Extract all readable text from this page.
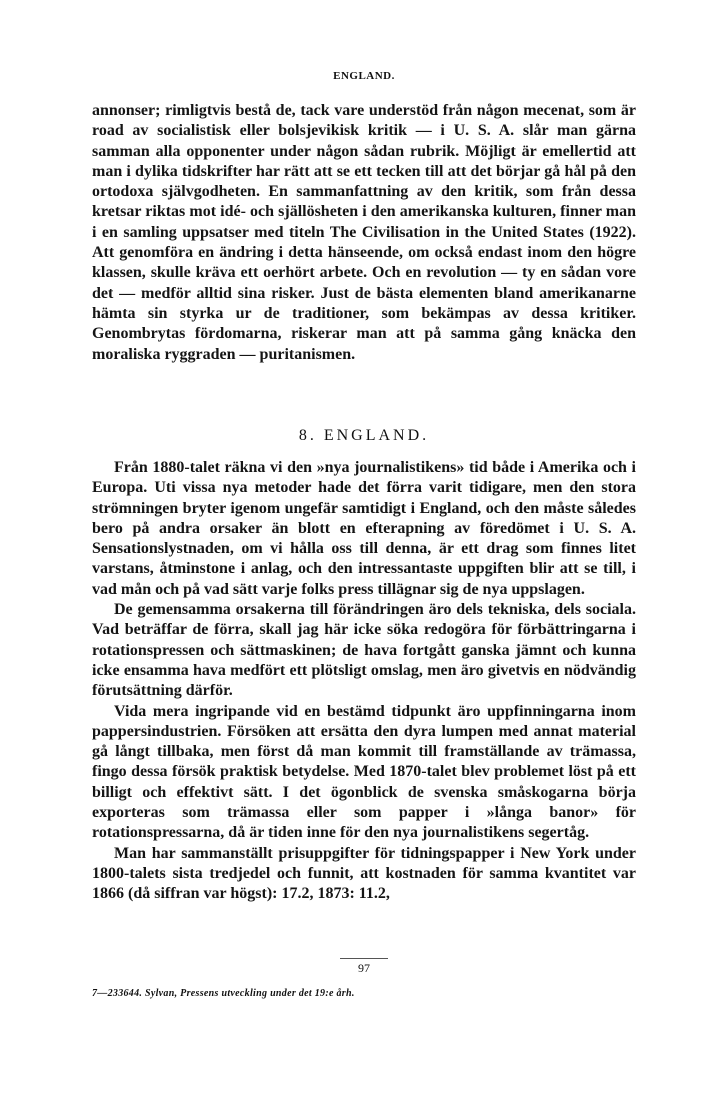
ENGLAND.

annonser; rimligtvis bestå de, tack vare understöd från någon mecenat, som är road av socialistisk eller bolsjevikisk kritik — i U. S. A. slår man gärna samman alla opponenter under någon sådan rubrik. Möjligt är emellertid att man i dylika tidskrifter har rätt att se ett tecken till att det börjar gå hål på den ortodoxa självgodheten. En sammanfattning av den kritik, som från dessa kretsar riktas mot idé- och själlösheten i den amerikanska kulturen, finner man i en samling uppsatser med titeln The Civilisation in the United States (1922). Att genomföra en ändring i detta hänseende, om också endast inom den högre klassen, skulle kräva ett oerhört arbete. Och en revolution — ty en sådan vore det — medför alltid sina risker. Just de bästa elementen bland amerikanarne hämta sin styrka ur de traditioner, som bekämpas av dessa kritiker. Genombrytas fördomarna, riskerar man att på samma gång knäcka den moraliska ryggraden — puritanismen.

8. ENGLAND.

Från 1880-talet räkna vi den »nya journalistikens» tid både i Amerika och i Europa. Uti vissa nya metoder hade det förra varit tidigare, men den stora strömningen bryter igenom ungefär samtidigt i England, och den måste således bero på andra orsaker än blott en efterapning av föredömet i U. S. A. Sensationslystnaden, om vi hålla oss till denna, är ett drag som finnes litet varstans, åtminstone i anlag, och den intressantaste uppgiften blir att se till, i vad mån och på vad sätt varje folks press tillägnar sig de nya uppslagen.

De gemensamma orsakerna till förändringen äro dels tekniska, dels sociala. Vad beträffar de förra, skall jag här icke söka redogöra för förbättringarna i rotationspressen och sättmaskinen; de hava fortgått ganska jämnt och kunna icke ensamma hava medfört ett plötsligt omslag, men äro givetvis en nödvändig förutsättning därför.

Vida mera ingripande vid en bestämd tidpunkt äro uppfinningarna inom pappersindustrien. Försöken att ersätta den dyra lumpen med annat material gå långt tillbaka, men först då man kommit till framställande av trämassa, fingo dessa försök praktisk betydelse. Med 1870-talet blev problemet löst på ett billigt och effektivt sätt. I det ögonblick de svenska småskogarna börja exporteras som trämassa eller som papper i »långa banor» för rotationspressarna, då är tiden inne för den nya journalistikens segertåg.

Man har sammanställt prisuppgifter för tidningspapper i New York under 1800-talets sista tredjedel och funnit, att kostnaden för samma kvantitet var 1866 (då siffran var högst): 17.2, 1873: 11.2,

97
7—233644. Sylvan, Pressens utveckling under det 19:e årh.
